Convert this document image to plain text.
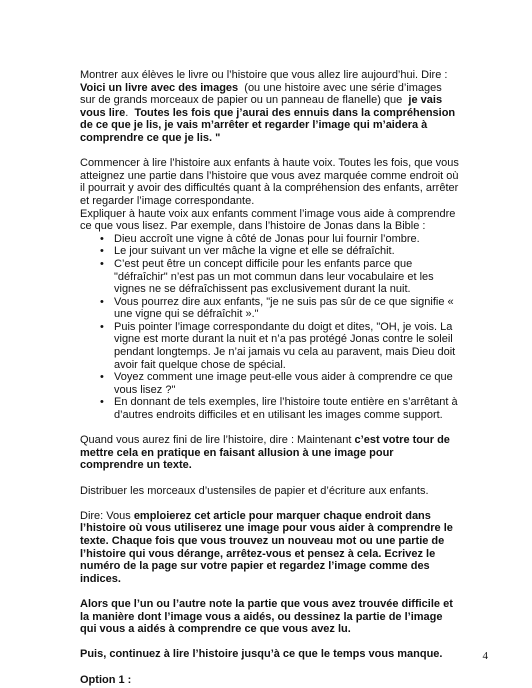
Montrer aux élèves le livre ou l’histoire que vous allez lire aujourd’hui. Dire :
Voici un livre avec des images (ou une histoire avec une série d’images sur de grands morceaux de papier ou un panneau de flanelle) que je vais vous lire. Toutes les fois que j’aurai des ennuis dans la compréhension de ce que je lis, je vais m’arrêter et regarder l’image qui m’aidera à comprendre ce que je lis. "

Commencer à lire l’histoire aux enfants à haute voix. Toutes les fois, que vous atteignez une partie dans l’histoire que vous avez marquée comme endroit où il pourrait y avoir des difficultés quant à la compréhension des enfants, arrêter et regarder l’image correspondante.

Expliquer à haute voix aux enfants comment l’image vous aide à comprendre ce que vous lisez. Par exemple, dans l’histoire de Jonas dans la Bible :

• Dieu accroît une vigne à côté de Jonas pour lui fournir l’ombre.
• Le jour suivant un ver mâche la vigne et elle se défraîchit.
• C’est peut être un concept difficile pour les enfants parce que "défraîchir" n’est pas un mot commun dans leur vocabulaire et les vignes ne se défraîchissent pas exclusivement durant la nuit.
• Vous pourrez dire aux enfants, "je ne suis pas sûr de ce que signifie « une vigne qui se défraîchit »."
• Puis pointer l’image correspondante du doigt et dites, "OH, je vois. La vigne est morte durant la nuit et n’a pas protégé Jonas contre le soleil pendant longtemps. Je n’ai jamais vu cela au paravent, mais Dieu doit avoir fait quelque chose de spécial.
• Voyez comment une image peut-elle vous aider à comprendre ce que vous lisez ?"
• En donnant de tels exemples, lire l’histoire toute entière en s’arrêtant à d’autres endroits difficiles et en utilisant les images comme support.

Quand vous aurez fini de lire l’histoire, dire : Maintenant c’est votre tour de mettre cela en pratique en faisant allusion à une image pour comprendre un texte.

Distribuer les morceaux d’ustensiles de papier et d’écriture aux enfants.

Dire: Vous emploierez cet article pour marquer chaque endroit dans l’histoire où vous utiliserez une image pour vous aider à comprendre le texte. Chaque fois que vous trouvez un nouveau mot ou une partie de l’histoire qui vous dérange, arrêtez-vous et pensez à cela. Ecrivez le numéro de la page sur votre papier et regardez l’image comme des indices.

Alors que l’un ou l’autre note la partie que vous avez trouvée difficile et la manière dont l’image vous a aidés, ou dessinez la partie de l’image qui vous a aidés à comprendre ce que vous avez lu.

Puis, continuez à lire l’histoire jusqu’à ce que le temps vous manque.

Option 1 :

4
